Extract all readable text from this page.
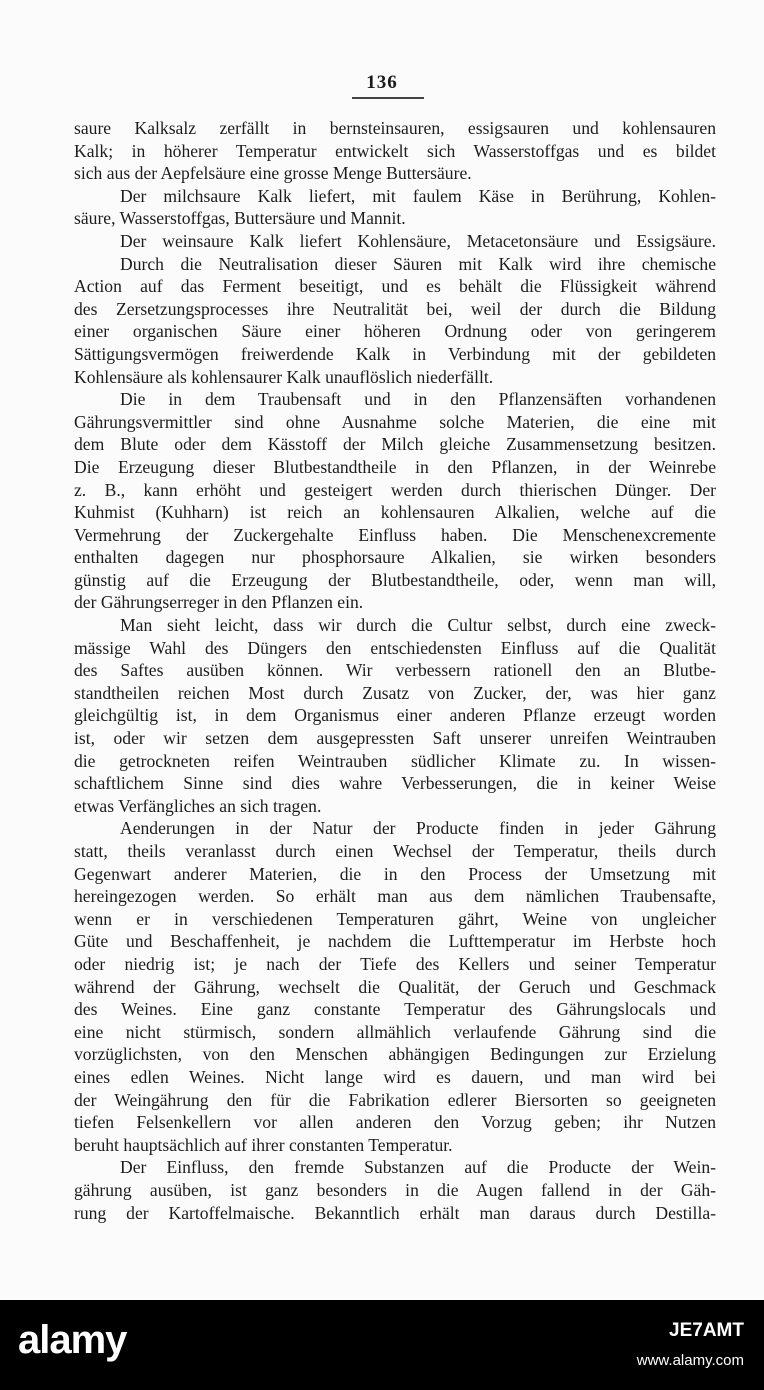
136
saure Kalksalz zerfällt in bernsteinsauren, essigsauren und kohlensauren
Kalk; in höherer Temperatur entwickelt sich Wasserstoffgas und es bildet
sich aus der Aepfelsäure eine grosse Menge Buttersäure.
Der milchsaure Kalk liefert, mit faulem Käse in Berührung, Kohlen-
säure, Wasserstoffgas, Buttersäure und Mannit.
Der weinsaure Kalk liefert Kohlensäure, Metacetonsäure und Essigsäure.
Durch die Neutralisation dieser Säuren mit Kalk wird ihre chemische
Action auf das Ferment beseitigt, und es behält die Flüssigkeit während
des Zersetzungsprocesses ihre Neutralität bei, weil der durch die Bildung
einer organischen Säure einer höheren Ordnung oder von geringerem
Sättigungsvermögen freiwerdende Kalk in Verbindung mit der gebildeten
Kohlensäure als kohlensaurer Kalk unauflöslich niederfällt.
Die in dem Traubensaft und in den Pflanzensäften vorhandenen
Gährungsvermittler sind ohne Ausnahme solche Materien, die eine mit
dem Blute oder dem Kässtoff der Milch gleiche Zusammensetzung besitzen.
Die Erzeugung dieser Blutbestandtheile in den Pflanzen, in der Weinrebe
z. B., kann erhöht und gesteigert werden durch thierischen Dünger. Der
Kuhmist (Kuhharn) ist reich an kohlensauren Alkalien, welche auf die
Vermehrung der Zuckergehalte Einfluss haben. Die Menschenexcremente
enthalten dagegen nur phosphorsaure Alkalien, sie wirken besonders
günstig auf die Erzeugung der Blutbestandtheile, oder, wenn man will,
der Gährungserreger in den Pflanzen ein.
Man sieht leicht, dass wir durch die Cultur selbst, durch eine zweck-
mässige Wahl des Düngers den entschiedensten Einfluss auf die Qualität
des Saftes ausüben können. Wir verbessern rationell den an Blutbe-
standtheilen reichen Most durch Zusatz von Zucker, der, was hier ganz
gleichgültig ist, in dem Organismus einer anderen Pflanze erzeugt worden
ist, oder wir setzen dem ausgepressten Saft unserer unreifen Weintrauben
die getrockneten reifen Weintrauben südlicher Klimate zu. In wissen-
schaftlichem Sinne sind dies wahre Verbesserungen, die in keiner Weise
etwas Verfängliches an sich tragen.
Aenderungen in der Natur der Producte finden in jeder Gährung
statt, theils veranlasst durch einen Wechsel der Temperatur, theils durch
Gegenwart anderer Materien, die in den Process der Umsetzung mit
hereingezogen werden. So erhält man aus dem nämlichen Traubensafte,
wenn er in verschiedenen Temperaturen gährt, Weine von ungleicher
Güte und Beschaffenheit, je nachdem die Lufttemperatur im Herbste hoch
oder niedrig ist; je nach der Tiefe des Kellers und seiner Temperatur
während der Gährung, wechselt die Qualität, der Geruch und Geschmack
des Weines. Eine ganz constante Temperatur des Gährungslocals und
eine nicht stürmisch, sondern allmählich verlaufende Gährung sind die
vorzüglichsten, von den Menschen abhängigen Bedingungen zur Erzielung
eines edlen Weines. Nicht lange wird es dauern, und man wird bei
der Weingährung den für die Fabrikation edlerer Biersorten so geeigneten
tiefen Felsenkellern vor allen anderen den Vorzug geben; ihr Nutzen
beruht hauptsächlich auf ihrer constanten Temperatur.
Der Einfluss, den fremde Substanzen auf die Producte der Wein-
gährung ausüben, ist ganz besonders in die Augen fallend in der Gäh-
rung der Kartoffelmaische. Bekanntlich erhält man daraus durch Destilla-
alamy	JE7AMT
www.alamy.com
